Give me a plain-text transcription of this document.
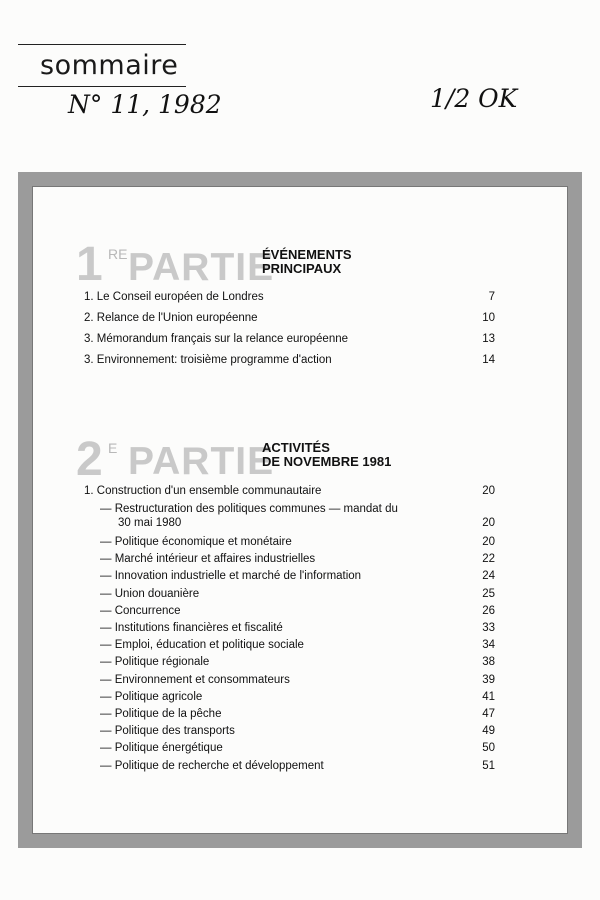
sommaire
N° 11, 1982	1/2 OK
1 RE PARTIE
ÉVÉNEMENTS
PRINCIPAUX
1. Le Conseil européen de Londres	7
2. Relance de l'Union européenne	10
3. Mémorandum français sur la relance européenne	13
3. Environnement: troisième programme d'action	14
2 E PARTIE
ACTIVITÉS
DE NOVEMBRE 1981
1. Construction d'un ensemble communautaire	20
— Restructuration des politiques communes — mandat du
30 mai 1980	20
— Politique économique et monétaire	20
— Marché intérieur et affaires industrielles	22
— Innovation industrielle et marché de l'information	24
— Union douanière	25
— Concurrence	26
— Institutions financières et fiscalité	33
— Emploi, éducation et politique sociale	34
— Politique régionale	38
— Environnement et consommateurs	39
— Politique agricole	41
— Politique de la pêche	47
— Politique des transports	49
— Politique énergétique	50
— Politique de recherche et développement	51
